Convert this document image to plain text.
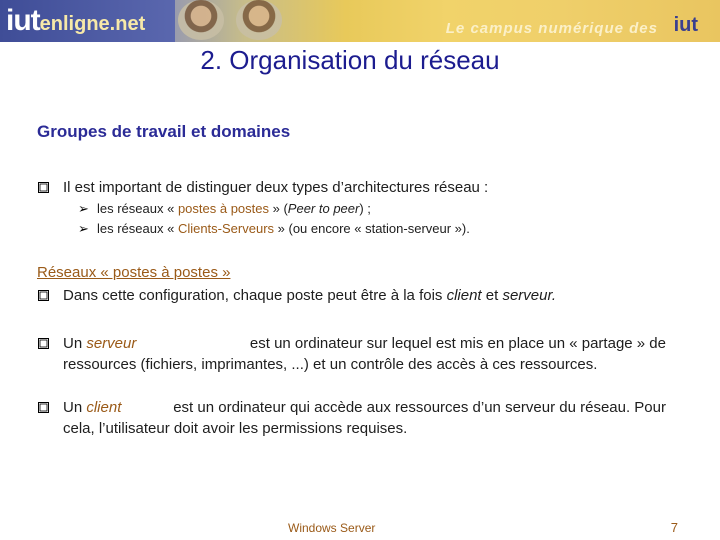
iutenligne.net	Le campus numérique des iut
2. Organisation du réseau
Groupes de travail et domaines
Il est important de distinguer deux types d’architectures réseau :
➢ les réseaux « postes à postes » (Peer to peer) ;
➢ les réseaux « Clients-Serveurs » (ou encore « station-serveur »).
Réseaux « postes à postes »
Dans cette configuration, chaque poste peut être à la fois client et serveur.
Un serveur	est un ordinateur sur lequel est mis en place un « partage » de
ressources (fichiers, imprimantes, ...) et un contrôle des accès à ces ressources.
Un client	est un ordinateur qui accède aux ressources d’un serveur du réseau. Pour
cela, l’utilisateur doit avoir les permissions requises.
Windows Server	7
